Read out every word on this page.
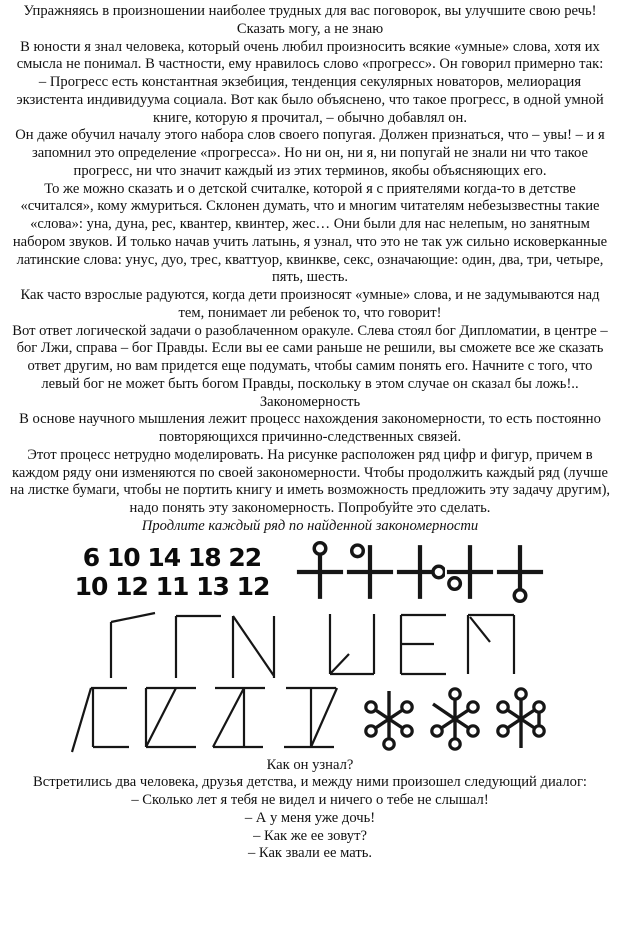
Упражняясь в произношении наиболее трудных для вас поговорок, вы улучшите свою речь!

Сказать могу, а не знаю

В юности я знал человека, который очень любил произносить всякие «умные» слова, хотя их смысла не понимал. В частности, ему нравилось слово «прогресс». Он говорил примерно так:

– Прогресс есть константная экзебиция, тенденция секулярных новаторов, мелиорация экзистента индивидуума социала. Вот как было объяснено, что такое прогресс, в одной умной книге, которую я прочитал, – обычно добавлял он.

Он даже обучил началу этого набора слов своего попугая. Должен признаться, что – увы! – и я запомнил это определение «прогресса». Но ни он, ни я, ни попугай не знали ни что такое прогресс, ни что значит каждый из этих терминов, якобы объясняющих его.

То же можно сказать и о детской считалке, которой я с приятелями когда-то в детстве «считался», кому жмуриться. Склонен думать, что и многим читателям небезызвестны такие «слова»: уна, дуна, рес, квантер, квинтер, жес… Они были для нас нелепым, но занятным набором звуков. И только начав учить латынь, я узнал, что это не так уж сильно исковерканные латинские слова: унус, дуо, трес, кваттуор, квинкве, секс, означающие: один, два, три, четыре, пять, шесть.

Как часто взрослые радуются, когда дети произносят «умные» слова, и не задумываются над тем, понимает ли ребенок то, что говорит!

Вот ответ логической задачи о разоблаченном оракуле. Слева стоял бог Дипломатии, в центре – бог Лжи, справа – бог Правды. Если вы ее сами раньше не решили, вы сможете все же сказать ответ другим, но вам придется еще подумать, чтобы самим понять его. Начните с того, что левый бог не может быть богом Правды, поскольку в этом случае он сказал бы ложь!..

Закономерность

В основе научного мышления лежит процесс нахождения закономерности, то есть постоянно повторяющихся причинно-следственных связей.

Этот процесс нетрудно моделировать. На рисунке расположен ряд цифр и фигур, причем в каждом ряду они изменяются по своей закономерности. Чтобы продолжить каждый ряд (лучше на листке бумаги, чтобы не портить книгу и иметь возможность предложить эту задачу другим), надо понять эту закономерность. Попробуйте это сделать.

Продлите каждый ряд по найденной закономерности

6 10 14 18 22
10 12 11 13 12

Как он узнал?

Встретились два человека, друзья детства, и между ними произошел следующий диалог:

– Сколько лет я тебя не видел и ничего о тебе не слышал!

– А у меня уже дочь!

– Как же ее зовут?

– Как звали ее мать.
